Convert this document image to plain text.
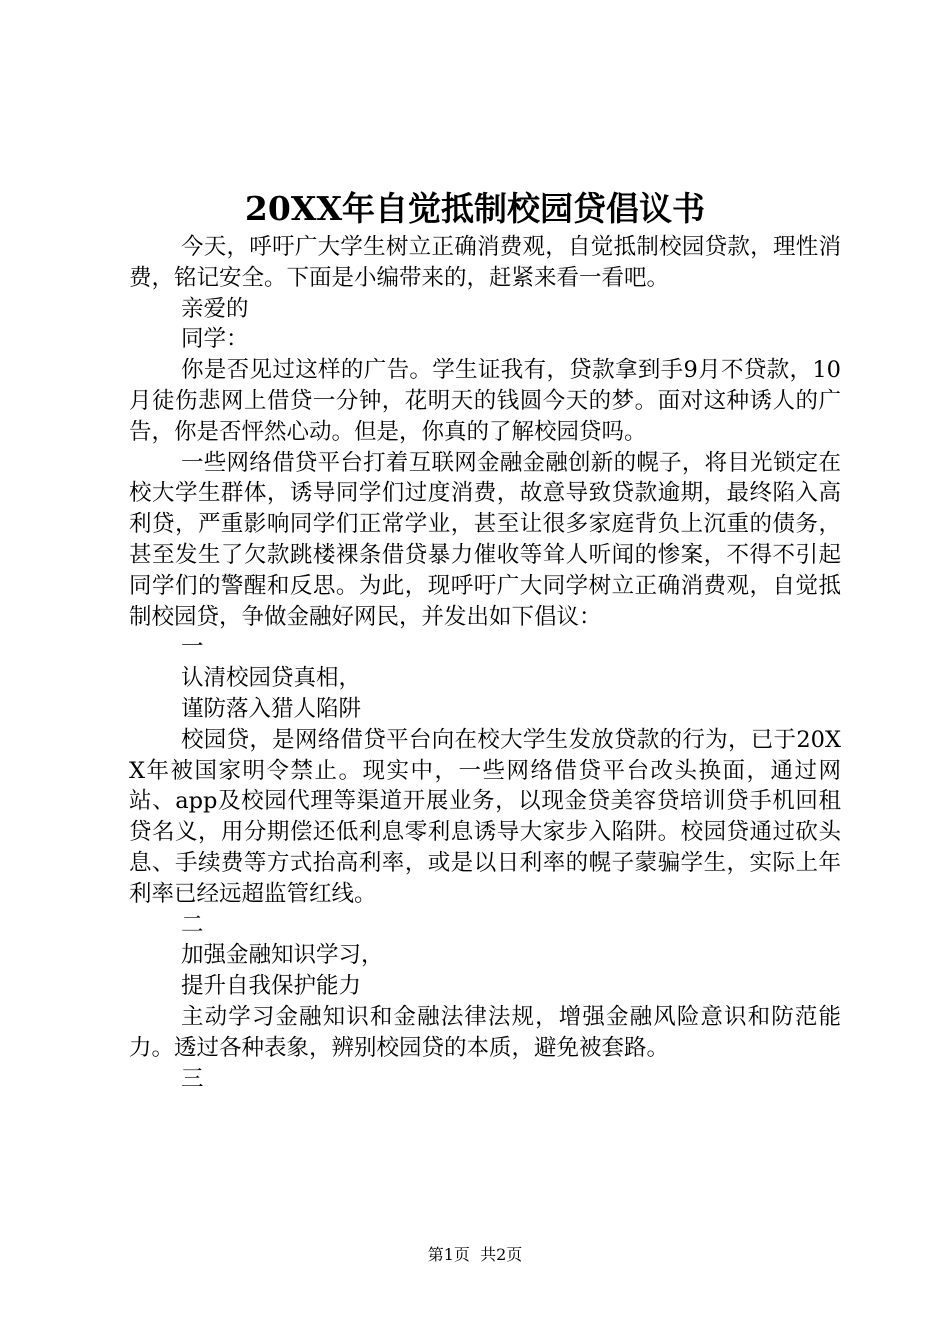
20XX年自觉抵制校园贷倡议书

今天，呼吁广大学生树立正确消费观，自觉抵制校园贷款，理性消费，铭记安全。下面是小编带来的，赶紧来看一看吧。

亲爱的

同学：

你是否见过这样的广告。学生证我有，贷款拿到手9月不贷款，10月徒伤悲网上借贷一分钟，花明天的钱圆今天的梦。面对这种诱人的广告，你是否怦然心动。但是，你真的了解校园贷吗。

一些网络借贷平台打着互联网金融金融创新的幌子，将目光锁定在校大学生群体，诱导同学们过度消费，故意导致贷款逾期，最终陷入高利贷，严重影响同学们正常学业，甚至让很多家庭背负上沉重的债务，甚至发生了欠款跳楼裸条借贷暴力催收等耸人听闻的惨案，不得不引起同学们的警醒和反思。为此，现呼吁广大同学树立正确消费观，自觉抵制校园贷，争做金融好网民，并发出如下倡议：

一

认清校园贷真相，

谨防落入猎人陷阱

校园贷，是网络借贷平台向在校大学生发放贷款的行为，已于20XX年被国家明令禁止。现实中，一些网络借贷平台改头换面，通过网站、app及校园代理等渠道开展业务，以现金贷美容贷培训贷手机回租贷名义，用分期偿还低利息零利息诱导大家步入陷阱。校园贷通过砍头息、手续费等方式抬高利率，或是以日利率的幌子蒙骗学生，实际上年利率已经远超监管红线。

二

加强金融知识学习，

提升自我保护能力

主动学习金融知识和金融法律法规，增强金融风险意识和防范能力。透过各种表象，辨别校园贷的本质，避免被套路。

三

第1页  共2页
